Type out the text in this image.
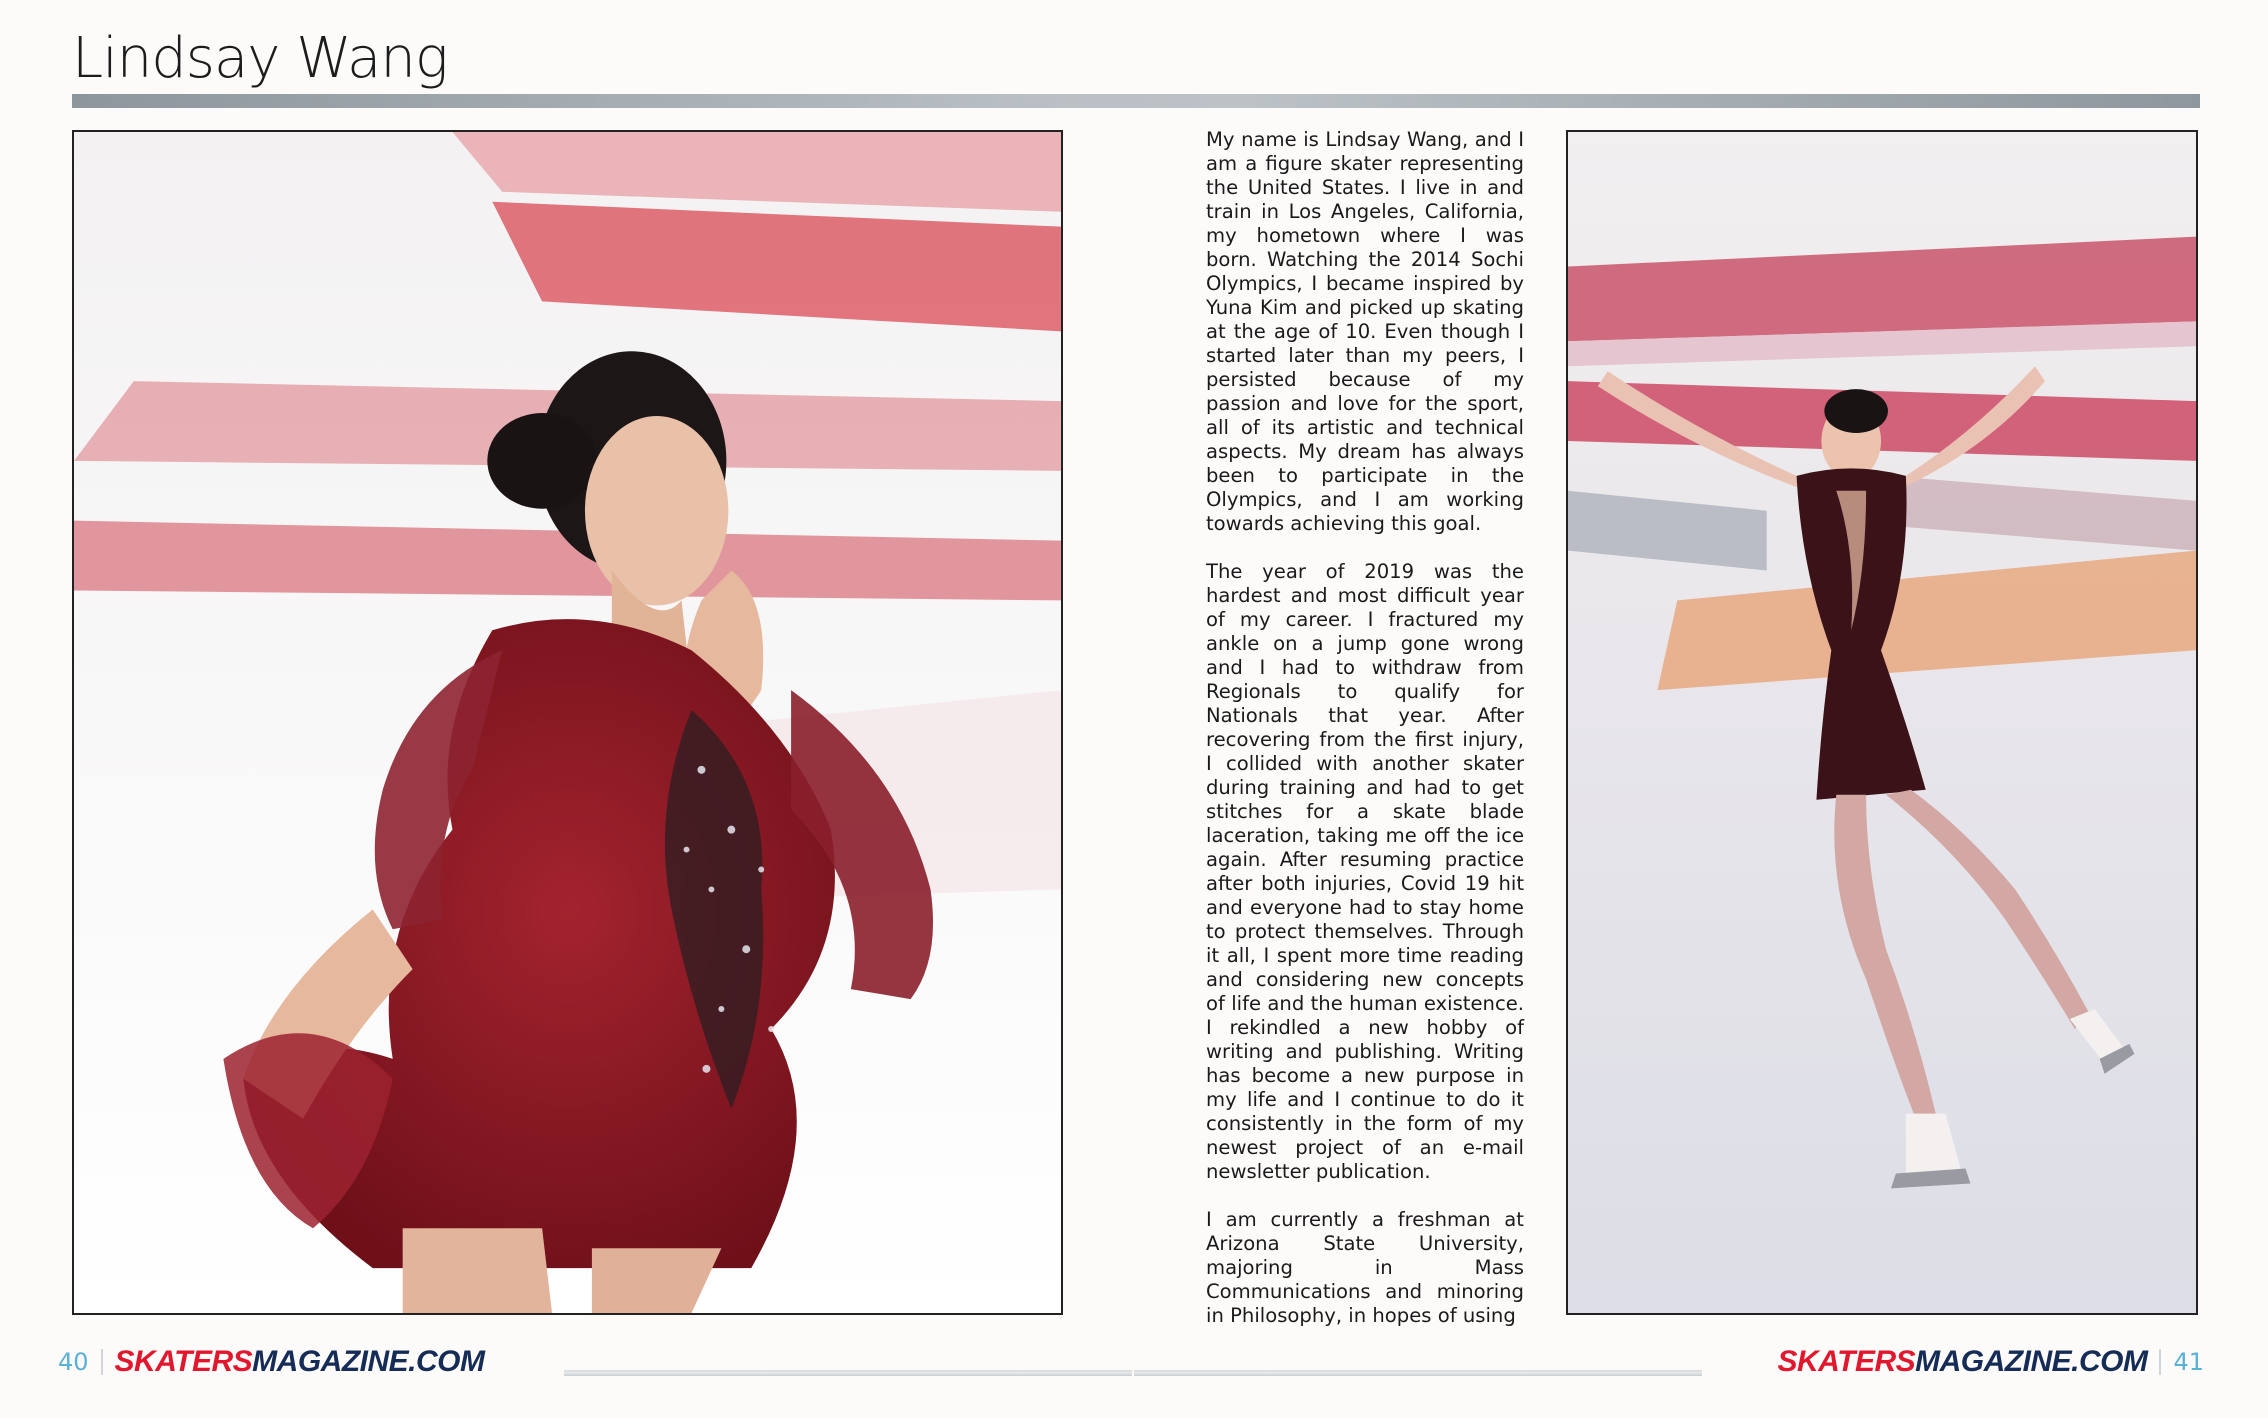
Lindsay Wang

My name is Lindsay Wang, and I am a figure skater representing the United States. I live in and train in Los Angeles, California, my hometown where I was born. Watching the 2014 Sochi Olympics, I became inspired by Yuna Kim and picked up skating at the age of 10. Even though I started later than my peers, I persisted because of my passion and love for the sport, all of its artistic and technical aspects. My dream has always been to participate in the Olympics, and I am working towards achieving this goal.

The year of 2019 was the hardest and most difficult year of my career. I fractured my ankle on a jump gone wrong and I had to withdraw from Regionals to qualify for Nationals that year. After recovering from the first injury, I collided with another skater during training and had to get stitches for a skate blade laceration, taking me off the ice again. After resuming practice after both injuries, Covid 19 hit and everyone had to stay home to protect themselves. Through it all, I spent more time reading and considering new concepts of life and the human existence. I rekindled a new hobby of writing and publishing. Writing has become a new purpose in my life and I continue to do it consistently in the form of my newest project of an e-mail newsletter publication.

I am currently a freshman at Arizona State University, majoring in Mass Communications and minoring in Philosophy, in hopes of using

40 SKATERSMAGAZINE.COM	SKATERSMAGAZINE.COM 41
